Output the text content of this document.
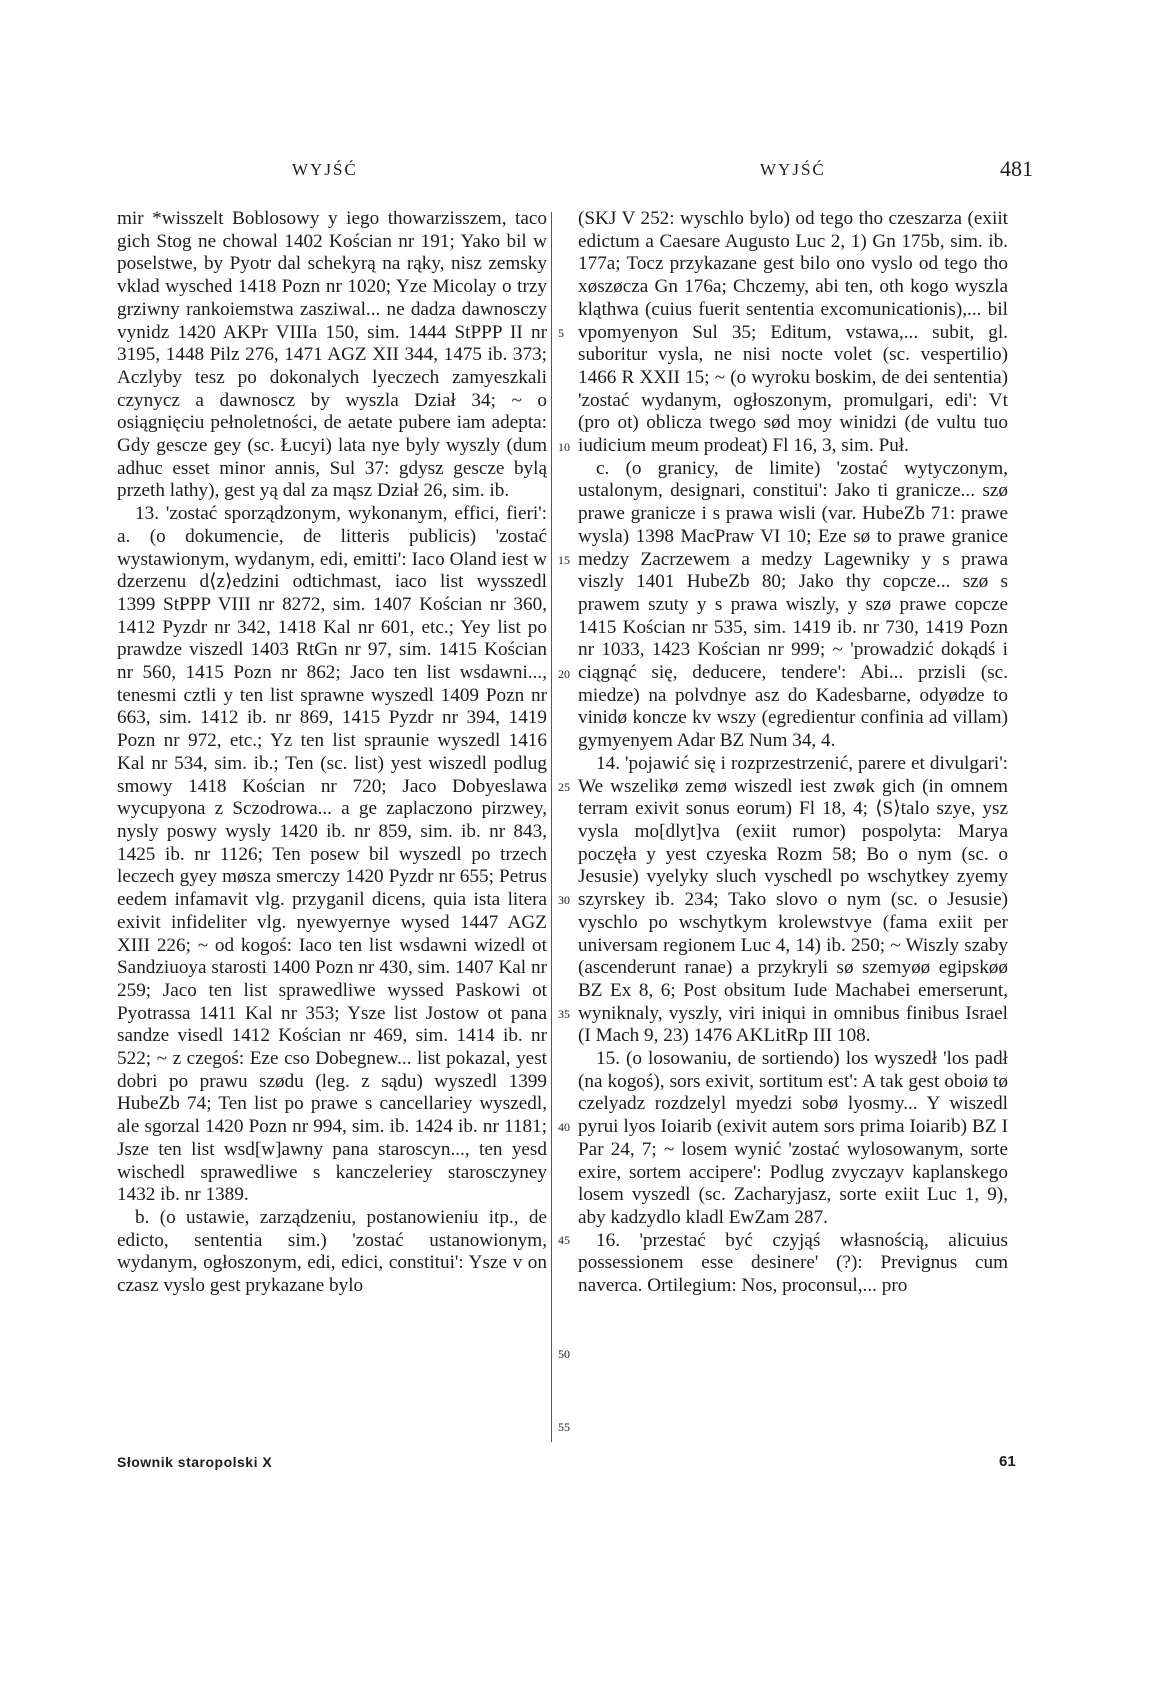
WYJŚĆ	WYJŚĆ	481

mir *wisszelt Boblosowy y iego thowarzisszem, taco gich Stog ne chowal 1402 Kościan nr 191; Yako bil w poselstwe, by Pyotr dal schekyrą na rąky, nisz zemsky vklad wysched 1418 Pozn nr 1020; Yze Micolay o trzy grziwny rankoiemstwa zasziwal... ne dadza dawnosczy vynidz 1420 AKPr VIIIa 150, sim. 1444 StPPP II nr 3195, 1448 Pilz 276, 1471 AGZ XII 344, 1475 ib. 373; Aczlyby tesz po dokonalych lyeczech zamyeszkali czynycz a dawnoscz by wyszla Dział 34; ~ o osiągnięciu pełnoletności, de aetate pubere iam adepta: Gdy gescze gey (sc. Łucyi) lata nye byly wyszly (dum adhuc esset minor annis, Sul 37: gdysz gescze bylą przeth lathy), gest yą dal za mąsz Dział 26, sim. ib.

13. 'zostać sporządzonym, wykonanym, effici, fieri': a. (o dokumencie, de litteris publicis) 'zostać wystawionym, wydanym, edi, emitti': Iaco Oland iest w dzerzenu d⟨z⟩edzini odtichmast, iaco list wysszedl 1399 StPPP VIII nr 8272, sim. 1407 Kościan nr 360, 1412 Pyzdr nr 342, 1418 Kal nr 601, etc.; Yey list po prawdze viszedl 1403 RtGn nr 97, sim. 1415 Kościan nr 560, 1415 Pozn nr 862; Jaco ten list wsdawni..., tenesmi cztli y ten list sprawne wyszedl 1409 Pozn nr 663, sim. 1412 ib. nr 869, 1415 Pyzdr nr 394, 1419 Pozn nr 972, etc.; Yz ten list spraunie wyszedl 1416 Kal nr 534, sim. ib.; Ten (sc. list) yest wiszedl podlug smowy 1418 Kościan nr 720; Jaco Dobyeslawa wycupyona z Sczodrowa... a ge zaplaczono pirzwey, nysly poswy wysly 1420 ib. nr 859, sim. ib. nr 843, 1425 ib. nr 1126; Ten posew bil wyszedl po trzech leczech gyey møsza smerczy 1420 Pyzdr nr 655; Petrus eedem infamavit vlg. przyganil dicens, quia ista litera exivit infideliter vlg. nyewyernye wysed 1447 AGZ XIII 226; ~ od kogoś: Iaco ten list wsdawni wizedl ot Sandziuoya starosti 1400 Pozn nr 430, sim. 1407 Kal nr 259; Jaco ten list sprawedliwe wyssed Paskowi ot Pyotrassa 1411 Kal nr 353; Ysze list Jostow ot pana sandze visedl 1412 Kościan nr 469, sim. 1414 ib. nr 522; ~ z czegoś: Eze cso Dobegnew... list pokazal, yest dobri po prawu szødu (leg. z sądu) wyszedl 1399 HubeZb 74; Ten list po prawe s cancellariey wyszedl, ale sgorzal 1420 Pozn nr 994, sim. ib. 1424 ib. nr 1181; Jsze ten list wsd[w]awny pana staroscyn..., ten yesd wischedl sprawedliwe s kanczeleriey starosczyney 1432 ib. nr 1389.

b. (o ustawie, zarządzeniu, postanowieniu itp., de edicto, sententia sim.) 'zostać ustanowionym, wydanym, ogłoszonym, edi, edici, constitui': Ysze v on czasz vyslo gest prykazane bylo

5
10
15
20
25
30
35
40
45
50
55

(SKJ V 252: wyschlo bylo) od tego tho czeszarza (exiit edictum a Caesare Augusto Luc 2, 1) Gn 175b, sim. ib. 177a; Tocz przykazane gest bilo ono vyslo od tego tho xøszøcza Gn 176a; Chczemy, abi ten, oth kogo wyszla kląthwa (cuius fuerit sententia excomunicationis),... bil vpomyenyon Sul 35; Editum, vstawa,... subit, gl. suboritur vysla, ne nisi nocte volet (sc. vespertilio) 1466 R XXII 15; ~ (o wyroku boskim, de dei sententia) 'zostać wydanym, ogłoszonym, promulgari, edi': Vt (pro ot) oblicza twego sød moy winidzi (de vultu tuo iudicium meum prodeat) Fl 16, 3, sim. Puł.

c. (o granicy, de limite) 'zostać wytyczonym, ustalonym, designari, constitui': Jako ti granicze... szø prawe granicze i s prawa wisli (var. HubeZb 71: prawe wysla) 1398 MacPraw VI 10; Eze sø to prawe granice medzy Zacrzewem a medzy Lagewniky y s prawa viszly 1401 HubeZb 80; Jako thy copcze... szø s prawem szuty y s prawa wiszly, y szø prawe copcze 1415 Kościan nr 535, sim. 1419 ib. nr 730, 1419 Pozn nr 1033, 1423 Kościan nr 999; ~ 'prowadzić dokądś i ciągnąć się, deducere, tendere': Abi... przisli (sc. miedze) na polvdnye asz do Kadesbarne, odyødze to vinidø koncze kv wszy (egredientur confinia ad villam) gymyenyem Adar BZ Num 34, 4.

14. 'pojawić się i rozprzestrzenić, parere et divulgari': We wszelikø zemø wiszedl iest zwøk gich (in omnem terram exivit sonus eorum) Fl 18, 4; ⟨S⟩talo szye, ysz vysla mo[dlyt]va (exiit rumor) pospolyta: Marya poczęła y yest czyeska Rozm 58; Bo o nym (sc. o Jesusie) vyelyky sluch vyschedl po wschytkey zyemy szyrskey ib. 234; Tako slovo o nym (sc. o Jesusie) vyschlo po wschytkym krolewstvye (fama exiit per universam regionem Luc 4, 14) ib. 250; ~ Wiszly szaby (ascenderunt ranae) a przykryli sø szemyøø egipskøø BZ Ex 8, 6; Post obsitum Iude Machabei emerserunt, wyniknaly, vyszly, viri iniqui in omnibus finibus Israel (I Mach 9, 23) 1476 AKLitRp III 108.

15. (o losowaniu, de sortiendo) los wyszedł 'los padł (na kogoś), sors exivit, sortitum est': A tak gest oboiø tø czelyadz rozdzelyl myedzi sobø lyosmy... Y wiszedl pyrui lyos Ioiarib (exivit autem sors prima Ioiarib) BZ I Par 24, 7; ~ losem wynić 'zostać wylosowanym, sorte exire, sortem accipere': Podlug zvyczayv kaplanskego losem vyszedl (sc. Zacharyjasz, sorte exiit Luc 1, 9), aby kadzydlo kladl EwZam 287.

16. 'przestać być czyjąś własnością, alicuius possessionem esse desinere' (?): Prevignus cum naverca. Ortilegium: Nos, proconsul,... pro

Słownik staropolski X	61
